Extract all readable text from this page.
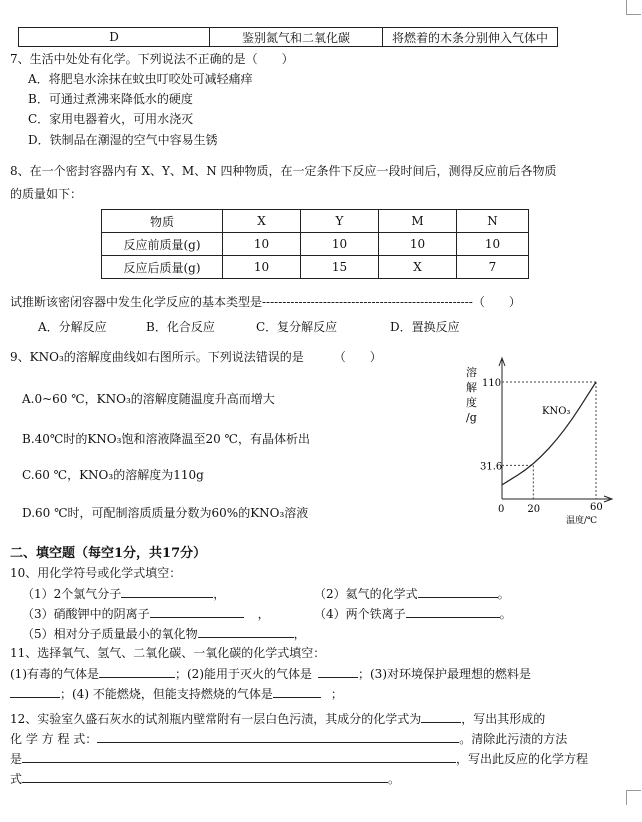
D	鉴别氮气和二氧化碳	将燃着的木条分别伸入气体中
7、生活中处处有化学。下列说法不正确的是（　　）
A．将肥皂水涂抹在蚊虫叮咬处可减轻痛痒
B．可通过煮沸来降低水的硬度
C．家用电器着火，可用水浇灭
D．铁制品在潮湿的空气中容易生锈
8、在一个密封容器内有 X、Y、M、N 四种物质，在一定条件下反应一段时间后，测得反应前后各物质
的质量如下：
物质	X	Y	M	N
反应前质量(g)	10	10	10	10
反应后质量(g)	10	15	X	7
试推断该密闭容器中发生化学反应的基本类型是----------------------------------------------------（　　）
A．分解反应	B．化合反应	C．复分解反应	D．置换反应
9、KNO₃的溶解度曲线如右图所示。下列说法错误的是　　　（　　）
A.0~60 ℃，KNO₃的溶解度随温度升高而增大
B.40℃时的KNO₃饱和溶液降温至20 ℃，有晶体析出
C.60 ℃，KNO₃的溶解度为110g
D.60 ℃时，可配制溶质质量分数为60%的KNO₃溶液
溶
解
度
/g
110
31.6
0 20	60
温度/℃
KNO₃
二、填空题（每空1分，共17分）
10、用化学符号或化学式填空：
（1）2个氯气分子	，	（2）氦气的化学式	。
（3）硝酸钾中的阴离子	，	（4）两个铁离子	。
（5）相对分子质量最小的氧化物	，
11、选择氧气、氢气、二氧化碳、一氧化碳的化学式填空：
(1)有毒的气体是	；(2)能用于灭火的气体是	；(3)对环境保护最理想的燃料是
；(4) 不能燃烧，但能支持燃烧的气体是	；
12、实验室久盛石灰水的试剂瓶内壁常附有一层白色污渍，其成分的化学式为	，写出其形成的
化 学 方 程 式：	。清除此污渍的方法
是	，写出此反应的化学方程
式	。
